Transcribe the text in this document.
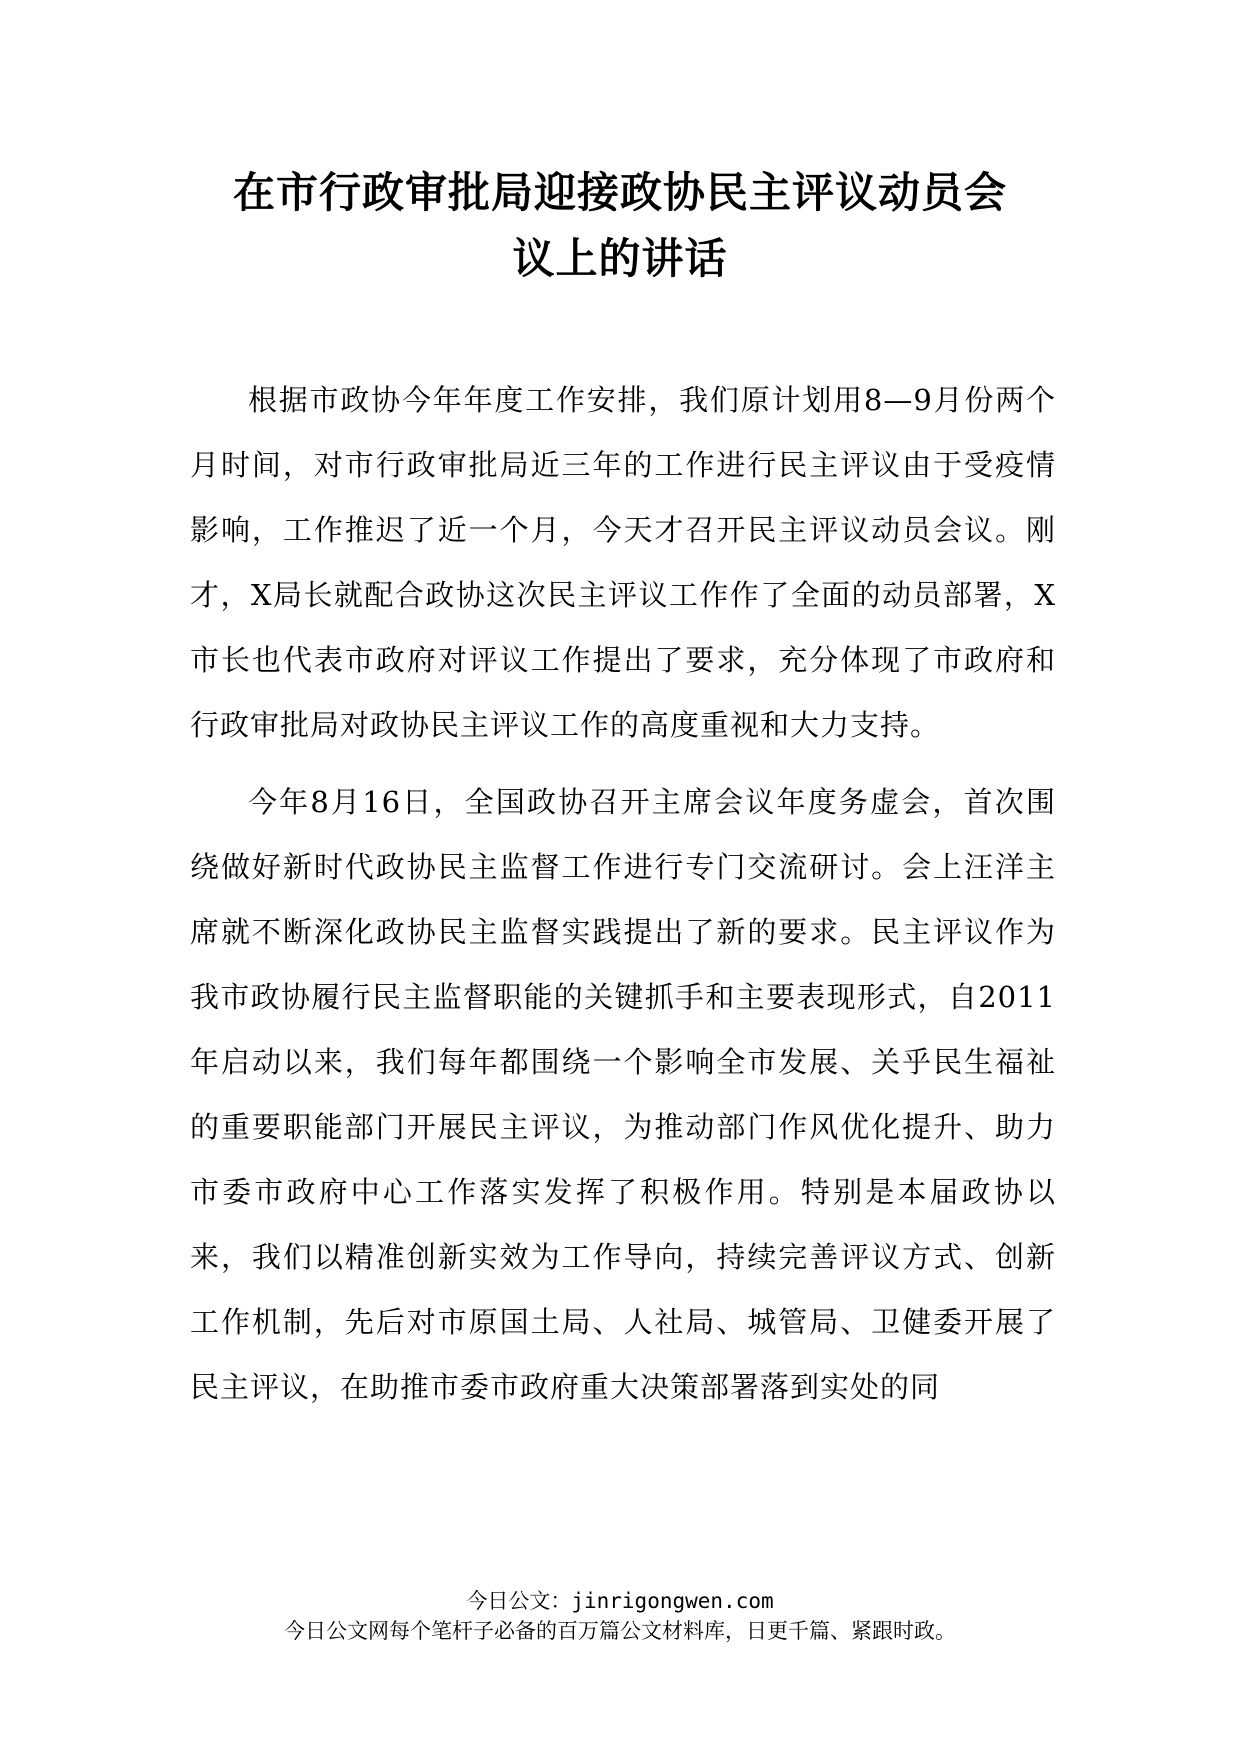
在市行政审批局迎接政协民主评议动员会
议上的讲话

根据市政协今年年度工作安排，我们原计划用8—9月份两个月时间，对市行政审批局近三年的工作进行民主评议由于受疫情影响，工作推迟了近一个月，今天才召开民主评议动员会议。刚才，X局长就配合政协这次民主评议工作作了全面的动员部署，X市长也代表市政府对评议工作提出了要求，充分体现了市政府和行政审批局对政协民主评议工作的高度重视和大力支持。

今年8月16日，全国政协召开主席会议年度务虚会，首次围绕做好新时代政协民主监督工作进行专门交流研讨。会上汪洋主席就不断深化政协民主监督实践提出了新的要求。民主评议作为我市政协履行民主监督职能的关键抓手和主要表现形式，自2011年启动以来，我们每年都围绕一个影响全市发展、关乎民生福祉的重要职能部门开展民主评议，为推动部门作风优化提升、助力市委市政府中心工作落实发挥了积极作用。特别是本届政协以来，我们以精准创新实效为工作导向，持续完善评议方式、创新工作机制，先后对市原国土局、人社局、城管局、卫健委开展了民主评议，在助推市委市政府重大决策部署落到实处的同

今日公文：jinrigongwen.com
今日公文网每个笔杆子必备的百万篇公文材料库，日更千篇、紧跟时政。
